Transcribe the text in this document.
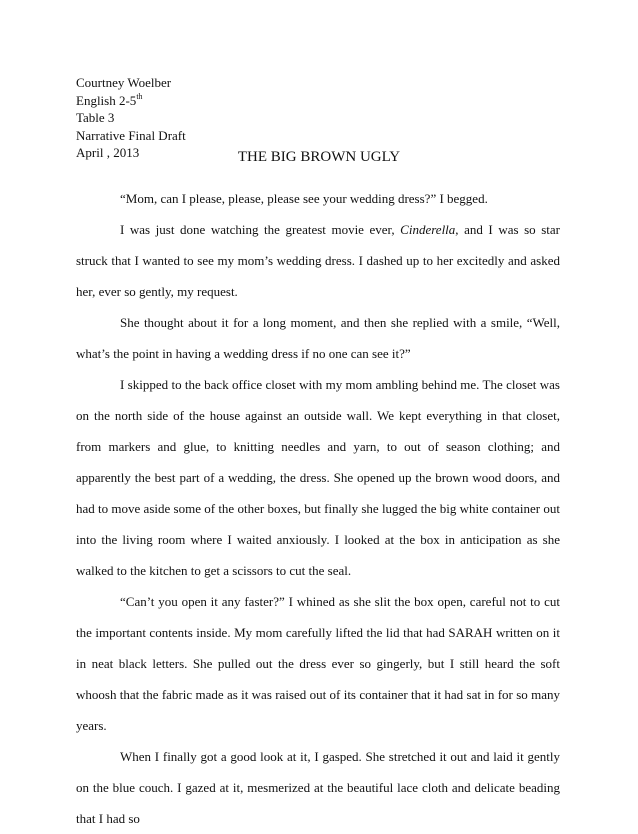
Courtney Woelber
English 2-5th
Table 3
Narrative Final Draft
April , 2013	THE BIG BROWN UGLY

“Mom, can I please, please, please see your wedding dress?” I begged.

I was just done watching the greatest movie ever, Cinderella, and I was so star struck that I wanted to see my mom’s wedding dress. I dashed up to her excitedly and asked her, ever so gently, my request.

She thought about it for a long moment, and then she replied with a smile, “Well, what’s the point in having a wedding dress if no one can see it?”

I skipped to the back office closet with my mom ambling behind me. The closet was on the north side of the house against an outside wall. We kept everything in that closet, from markers and glue, to knitting needles and yarn, to out of season clothing; and apparently the best part of a wedding, the dress. She opened up the brown wood doors, and had to move aside some of the other boxes, but finally she lugged the big white container out into the living room where I waited anxiously. I looked at the box in anticipation as she walked to the kitchen to get a scissors to cut the seal.

“Can’t you open it any faster?” I whined as she slit the box open, careful not to cut the important contents inside. My mom carefully lifted the lid that had SARAH written on it in neat black letters. She pulled out the dress ever so gingerly, but I still heard the soft whoosh that the fabric made as it was raised out of its container that it had sat in for so many years.

When I finally got a good look at it, I gasped. She stretched it out and laid it gently on the blue couch. I gazed at it, mesmerized at the beautiful lace cloth and delicate beading that I had so
